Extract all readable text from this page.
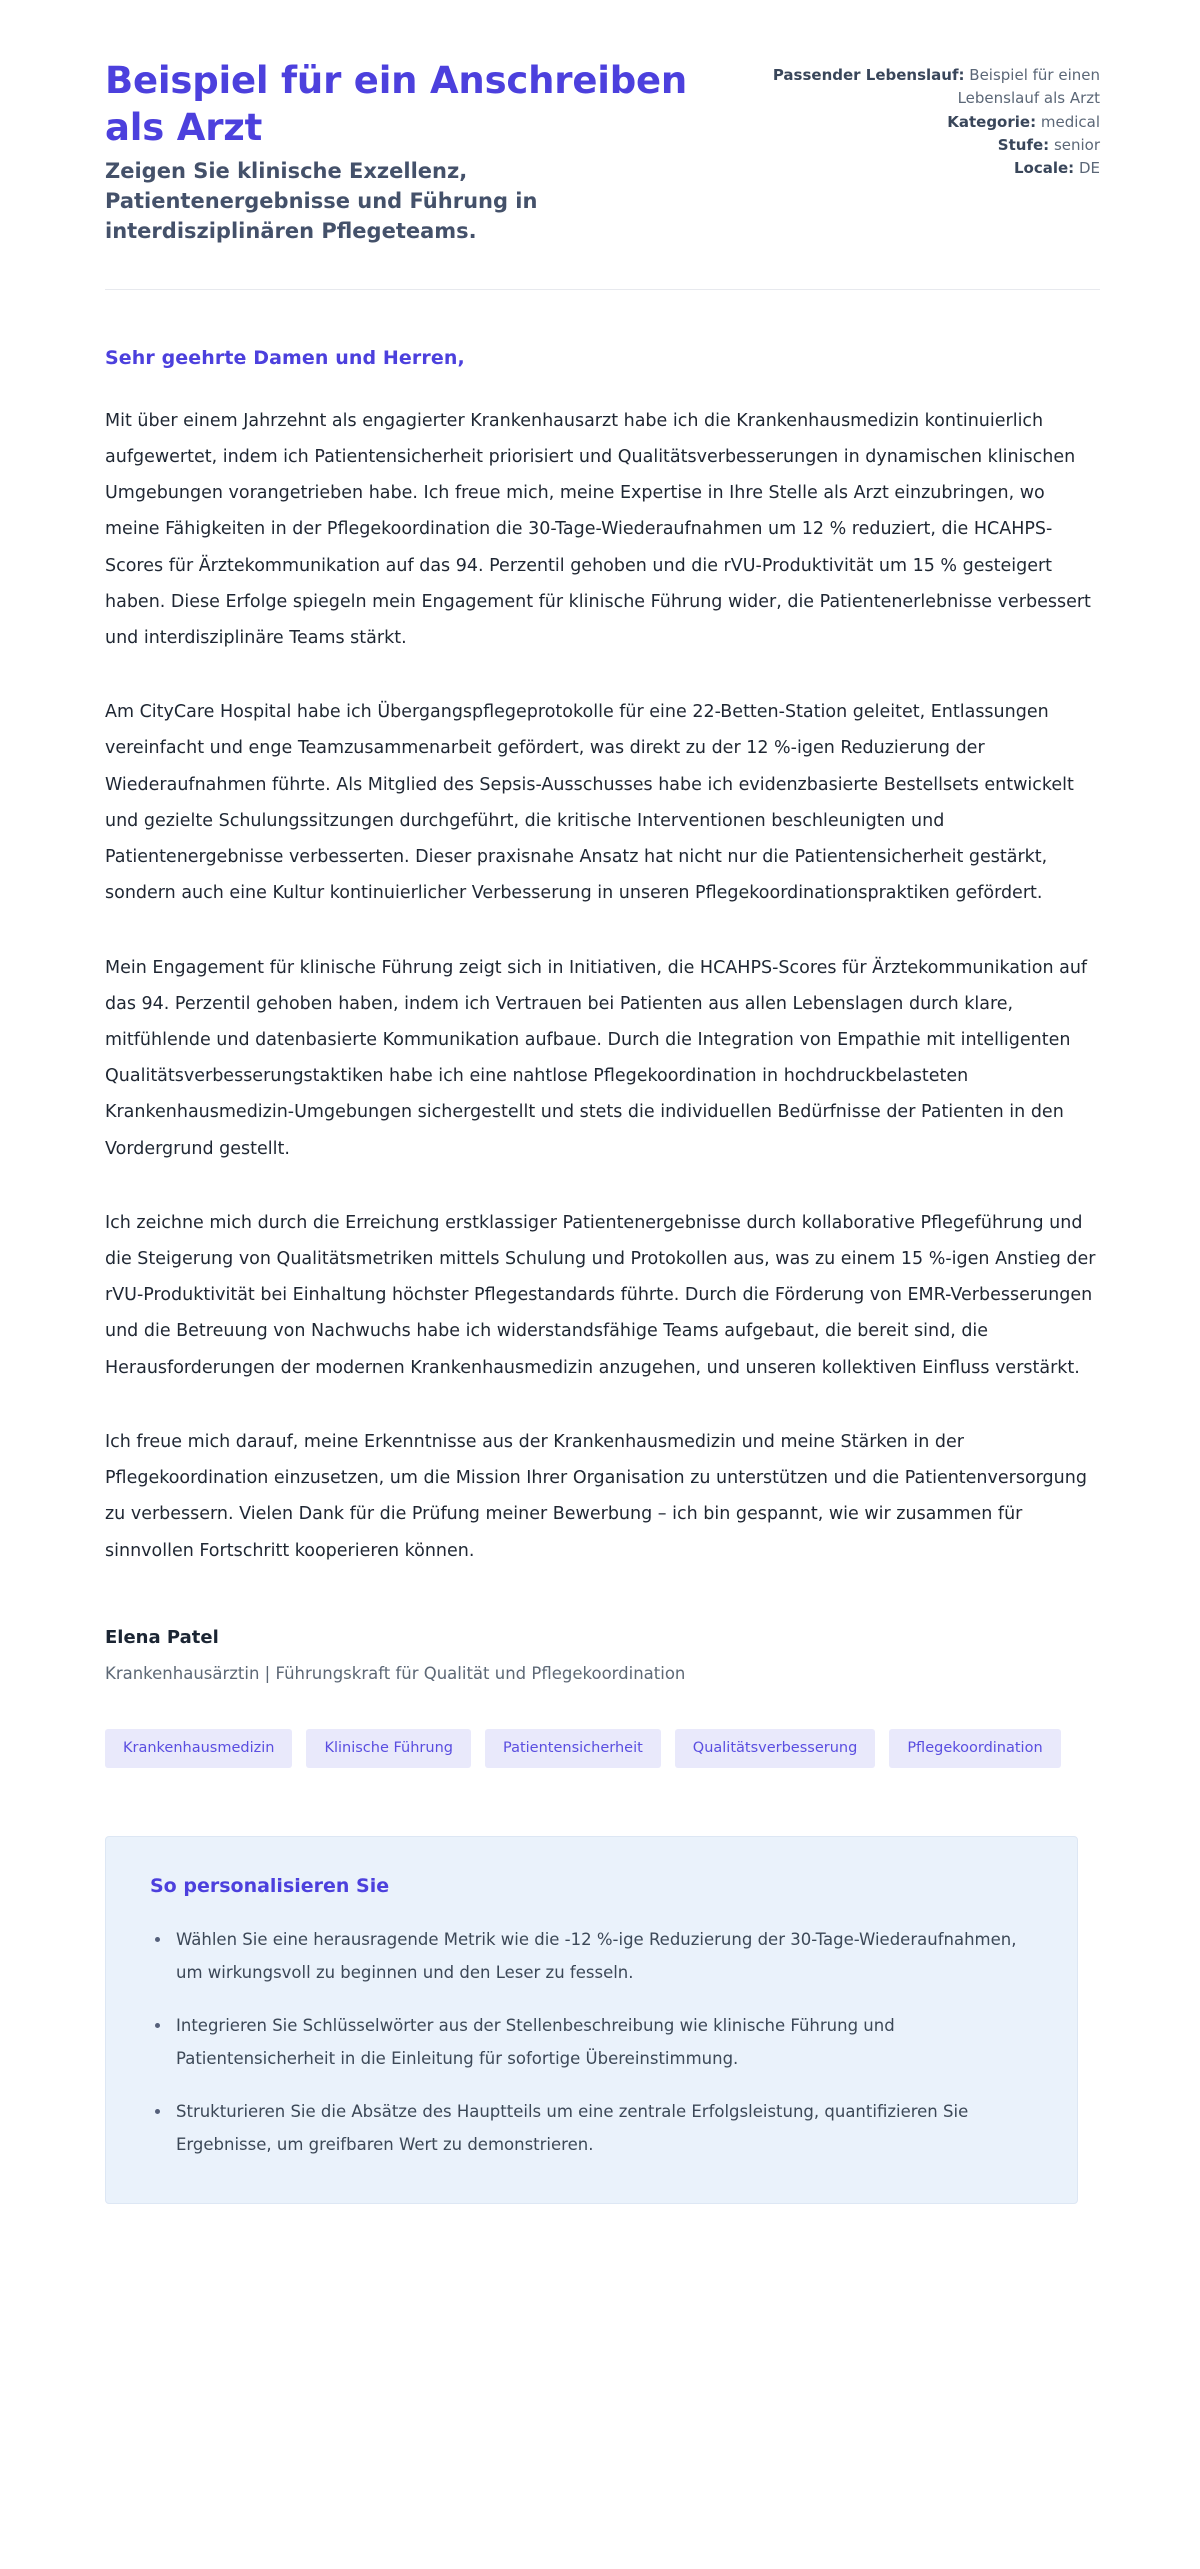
Beispiel für ein Anschreiben als Arzt

Zeigen Sie klinische Exzellenz, Patientenergebnisse und Führung in interdisziplinären Pflegeteams.

Passender Lebenslauf: Beispiel für einen Lebenslauf als Arzt
Kategorie: medical
Stufe: senior
Locale: DE

Sehr geehrte Damen und Herren,

Mit über einem Jahrzehnt als engagierter Krankenhausarzt habe ich die Krankenhausmedizin kontinuierlich aufgewertet, indem ich Patientensicherheit priorisiert und Qualitätsverbesserungen in dynamischen klinischen Umgebungen vorangetrieben habe. Ich freue mich, meine Expertise in Ihre Stelle als Arzt einzubringen, wo meine Fähigkeiten in der Pflegekoordination die 30-Tage-Wiederaufnahmen um 12 % reduziert, die HCAHPS-Scores für Ärztekommunikation auf das 94. Perzentil gehoben und die rVU-Produktivität um 15 % gesteigert haben. Diese Erfolge spiegeln mein Engagement für klinische Führung wider, die Patientenerlebnisse verbessert und interdisziplinäre Teams stärkt.

Am CityCare Hospital habe ich Übergangspflegeprotokolle für eine 22-Betten-Station geleitet, Entlassungen vereinfacht und enge Teamzusammenarbeit gefördert, was direkt zu der 12 %-igen Reduzierung der Wiederaufnahmen führte. Als Mitglied des Sepsis-Ausschusses habe ich evidenzbasierte Bestellsets entwickelt und gezielte Schulungssitzungen durchgeführt, die kritische Interventionen beschleunigten und Patientenergebnisse verbesserten. Dieser praxisnahe Ansatz hat nicht nur die Patientensicherheit gestärkt, sondern auch eine Kultur kontinuierlicher Verbesserung in unseren Pflegekoordinationspraktiken gefördert.

Mein Engagement für klinische Führung zeigt sich in Initiativen, die HCAHPS-Scores für Ärztekommunikation auf das 94. Perzentil gehoben haben, indem ich Vertrauen bei Patienten aus allen Lebenslagen durch klare, mitfühlende und datenbasierte Kommunikation aufbaue. Durch die Integration von Empathie mit intelligenten Qualitätsverbesserungstaktiken habe ich eine nahtlose Pflegekoordination in hochdruckbelasteten Krankenhausmedizin-Umgebungen sichergestellt und stets die individuellen Bedürfnisse der Patienten in den Vordergrund gestellt.

Ich zeichne mich durch die Erreichung erstklassiger Patientenergebnisse durch kollaborative Pflegeführung und die Steigerung von Qualitätsmetriken mittels Schulung und Protokollen aus, was zu einem 15 %-igen Anstieg der rVU-Produktivität bei Einhaltung höchster Pflegestandards führte. Durch die Förderung von EMR-Verbesserungen und die Betreuung von Nachwuchs habe ich widerstandsfähige Teams aufgebaut, die bereit sind, die Herausforderungen der modernen Krankenhausmedizin anzugehen, und unseren kollektiven Einfluss verstärkt.

Ich freue mich darauf, meine Erkenntnisse aus der Krankenhausmedizin und meine Stärken in der Pflegekoordination einzusetzen, um die Mission Ihrer Organisation zu unterstützen und die Patientenversorgung zu verbessern. Vielen Dank für die Prüfung meiner Bewerbung – ich bin gespannt, wie wir zusammen für sinnvollen Fortschritt kooperieren können.

Elena Patel
Krankenhausärztin | Führungskraft für Qualität und Pflegekoordination
Krankenhausmedizin	Klinische Führung	Patientensicherheit	Qualitätsverbesserung	Pflegekoordination
So personalisieren Sie
Wählen Sie eine herausragende Metrik wie die -12 %-ige Reduzierung der 30-Tage-Wiederaufnahmen, um wirkungsvoll zu beginnen und den Leser zu fesseln.
Integrieren Sie Schlüsselwörter aus der Stellenbeschreibung wie klinische Führung und Patientensicherheit in die Einleitung für sofortige Übereinstimmung.
Strukturieren Sie die Absätze des Hauptteils um eine zentrale Erfolgsleistung, quantifizieren Sie Ergebnisse, um greifbaren Wert zu demonstrieren.
